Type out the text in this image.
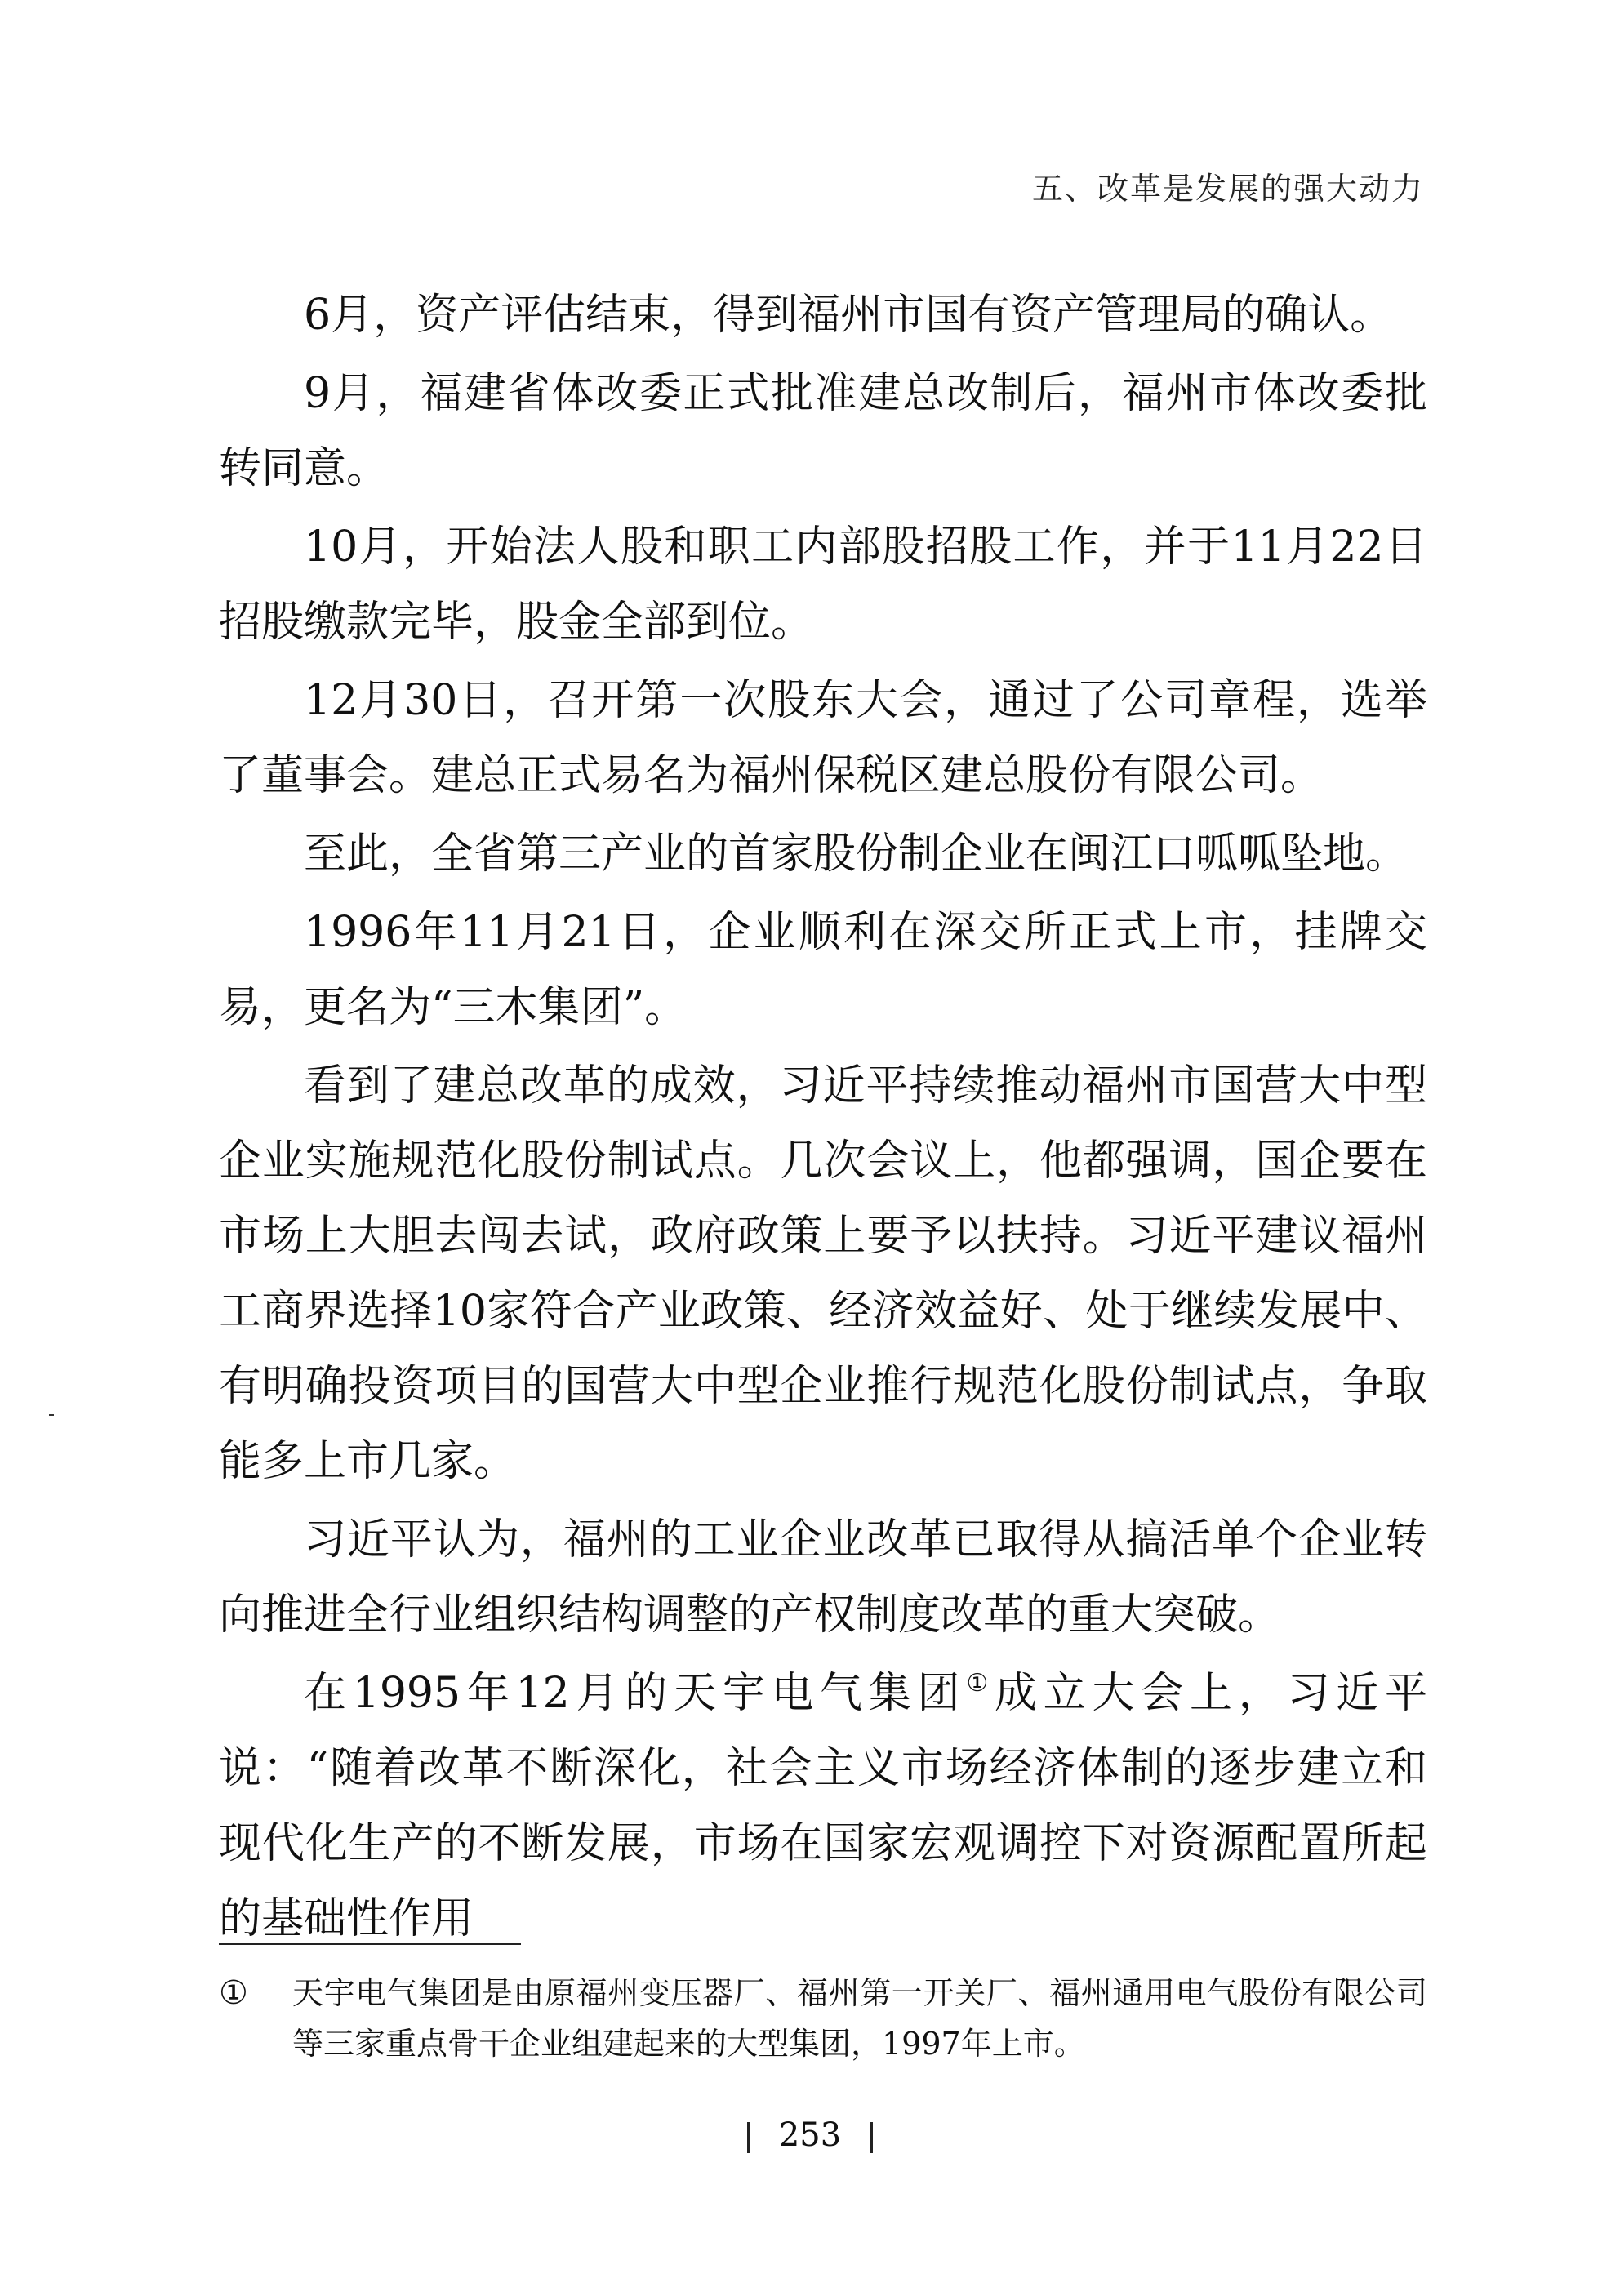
五、改革是发展的强大动力

6月，资产评估结束，得到福州市国有资产管理局的确认。

9月，福建省体改委正式批准建总改制后，福州市体改委批转同意。

10月，开始法人股和职工内部股招股工作，并于11月22日招股缴款完毕，股金全部到位。

12月30日，召开第一次股东大会，通过了公司章程，选举了董事会。建总正式易名为福州保税区建总股份有限公司。

至此，全省第三产业的首家股份制企业在闽江口呱呱坠地。

1996年11月21日，企业顺利在深交所正式上市，挂牌交易，更名为“三木集团”。

看到了建总改革的成效，习近平持续推动福州市国营大中型企业实施规范化股份制试点。几次会议上，他都强调，国企要在市场上大胆去闯去试，政府政策上要予以扶持。习近平建议福州工商界选择10家符合产业政策、经济效益好、处于继续发展中、有明确投资项目的国营大中型企业推行规范化股份制试点，争取能多上市几家。

习近平认为，福州的工业企业改革已取得从搞活单个企业转向推进全行业组织结构调整的产权制度改革的重大突破。

在1995年12月的天宇电气集团①成立大会上，习近平说：“随着改革不断深化，社会主义市场经济体制的逐步建立和现代化生产的不断发展，市场在国家宏观调控下对资源配置所起的基础性作用

①	天宇电气集团是由原福州变压器厂、福州第一开关厂、福州通用电气股份有限公司等三家重点骨干企业组建起来的大型集团，1997年上市。
253
